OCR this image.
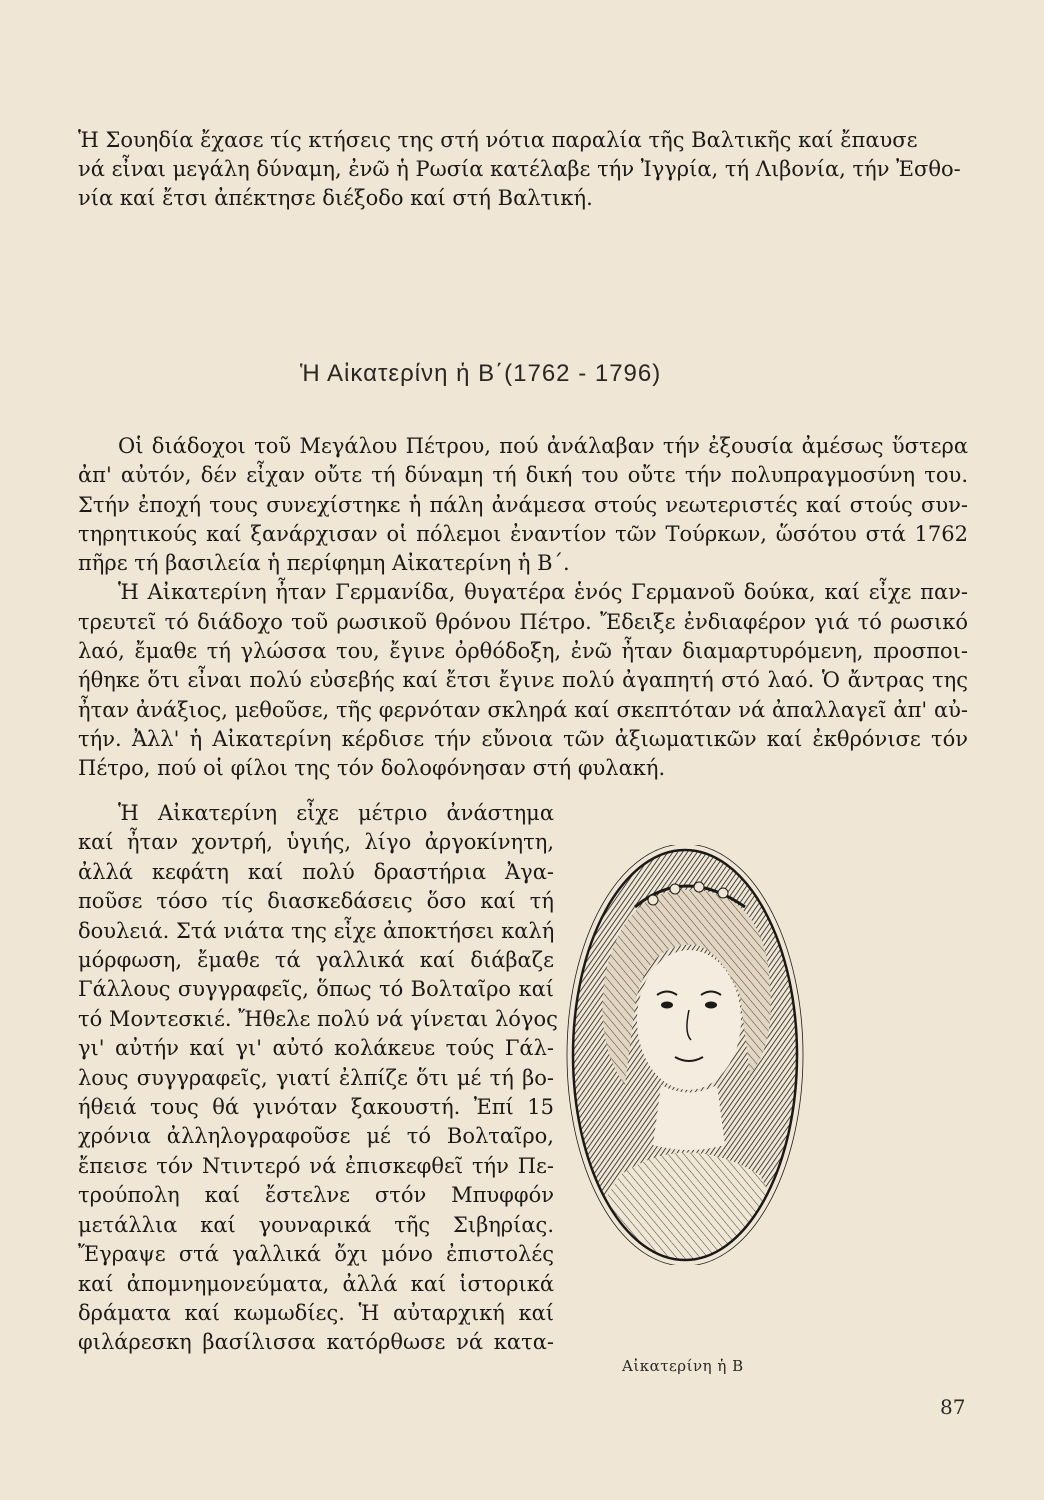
Ἡ Σουηδία ἔχασε τίς κτήσεις της στή νότια παραλία τῆς Βαλτικῆς καί ἔπαυσε
νά εἶναι μεγάλη δύναμη, ἐνῶ ἡ Ρωσία κατέλαβε τήν Ἰγγρία, τή Λιβονία, τήν Ἐσθο-
νία καί ἔτσι ἀπέκτησε διέξοδο καί στή Βαλτική.
Ἡ Αἰκατερίνη ἡ Β΄(1762 - 1796)
Οἱ διάδοχοι τοῦ Μεγάλου Πέτρου, πού ἀνάλαβαν τήν ἐξουσία ἀμέσως ὕστερα
ἀπ' αὐτόν, δέν εἶχαν οὔτε τή δύναμη τή δική του οὔτε τήν πολυπραγμοσύνη του.
Στήν ἐποχή τους συνεχίστηκε ἡ πάλη ἀνάμεσα στούς νεωτεριστές καί στούς συν-
τηρητικούς καί ξανάρχισαν οἱ πόλεμοι ἐναντίον τῶν Τούρκων, ὥσότου στά 1762
πῆρε τή βασιλεία ἡ περίφημη Αἰκατερίνη ἡ Β΄.
Ἡ Αἰκατερίνη ἦταν Γερμανίδα, θυγατέρα ἑνός Γερμανοῦ δούκα, καί εἶχε παν-
τρευτεῖ τό διάδοχο τοῦ ρωσικοῦ θρόνου Πέτρο. Ἔδειξε ἐνδιαφέρον γιά τό ρωσικό
λαό, ἔμαθε τή γλώσσα του, ἔγινε ὀρθόδοξη, ἐνῶ ἦταν διαμαρτυρόμενη, προσποι-
ήθηκε ὅτι εἶναι πολύ εὐσεβής καί ἔτσι ἔγινε πολύ ἀγαπητή στό λαό. Ὁ ἄντρας της
ἦταν ἀνάξιος, μεθοῦσε, τῆς φερνόταν σκληρά καί σκεπτόταν νά ἀπαλλαγεῖ ἀπ' αὐ-
τήν. Ἀλλ' ἡ Αἰκατερίνη κέρδισε τήν εὔνοια τῶν ἀξιωματικῶν καί ἐκθρόνισε τόν
Πέτρο, πού οἱ φίλοι της τόν δολοφόνησαν στή φυλακή.
Ἡ Αἰκατερίνη εἶχε μέτριο ἀνάστημα
καί ἦταν χοντρή, ὑγιής, λίγο ἀργοκίνητη,
ἀλλά κεφάτη καί πολύ δραστήρια Ἀγα-
ποῦσε τόσο τίς διασκεδάσεις ὅσο καί τή
δουλειά. Στά νιάτα της εἶχε ἀποκτήσει καλή
μόρφωση, ἔμαθε τά γαλλικά καί διάβαζε
Γάλλους συγγραφεῖς, ὅπως τό Βολταῖρο καί
τό Μοντεσκιέ. Ἤθελε πολύ νά γίνεται λόγος
γι' αὐτήν καί γι' αὐτό κολάκευε τούς Γάλ-
λους συγγραφεῖς, γιατί ἐλπίζε ὅτι μέ τή βο-
ήθειά τους θά γινόταν ξακουστή. Ἐπί 15
χρόνια ἀλληλογραφοῦσε μέ τό Βολταῖρο,
ἔπεισε τόν Ντιντερό νά ἐπισκεφθεῖ τήν Πε-
τρούπολη καί ἔστελνε στόν Μπυφφόν
μετάλλια καί γουναρικά τῆς Σιβηρίας.
Ἔγραψε στά γαλλικά ὄχι μόνο ἐπιστολές
καί ἀπομνημονεύματα, ἀλλά καί ἱστορικά
δράματα καί κωμωδίες. Ἡ αὐταρχική καί
φιλάρεσκη βασίλισσα κατόρθωσε νά κατα-
Αἰκατερίνη ἡ Β
87
